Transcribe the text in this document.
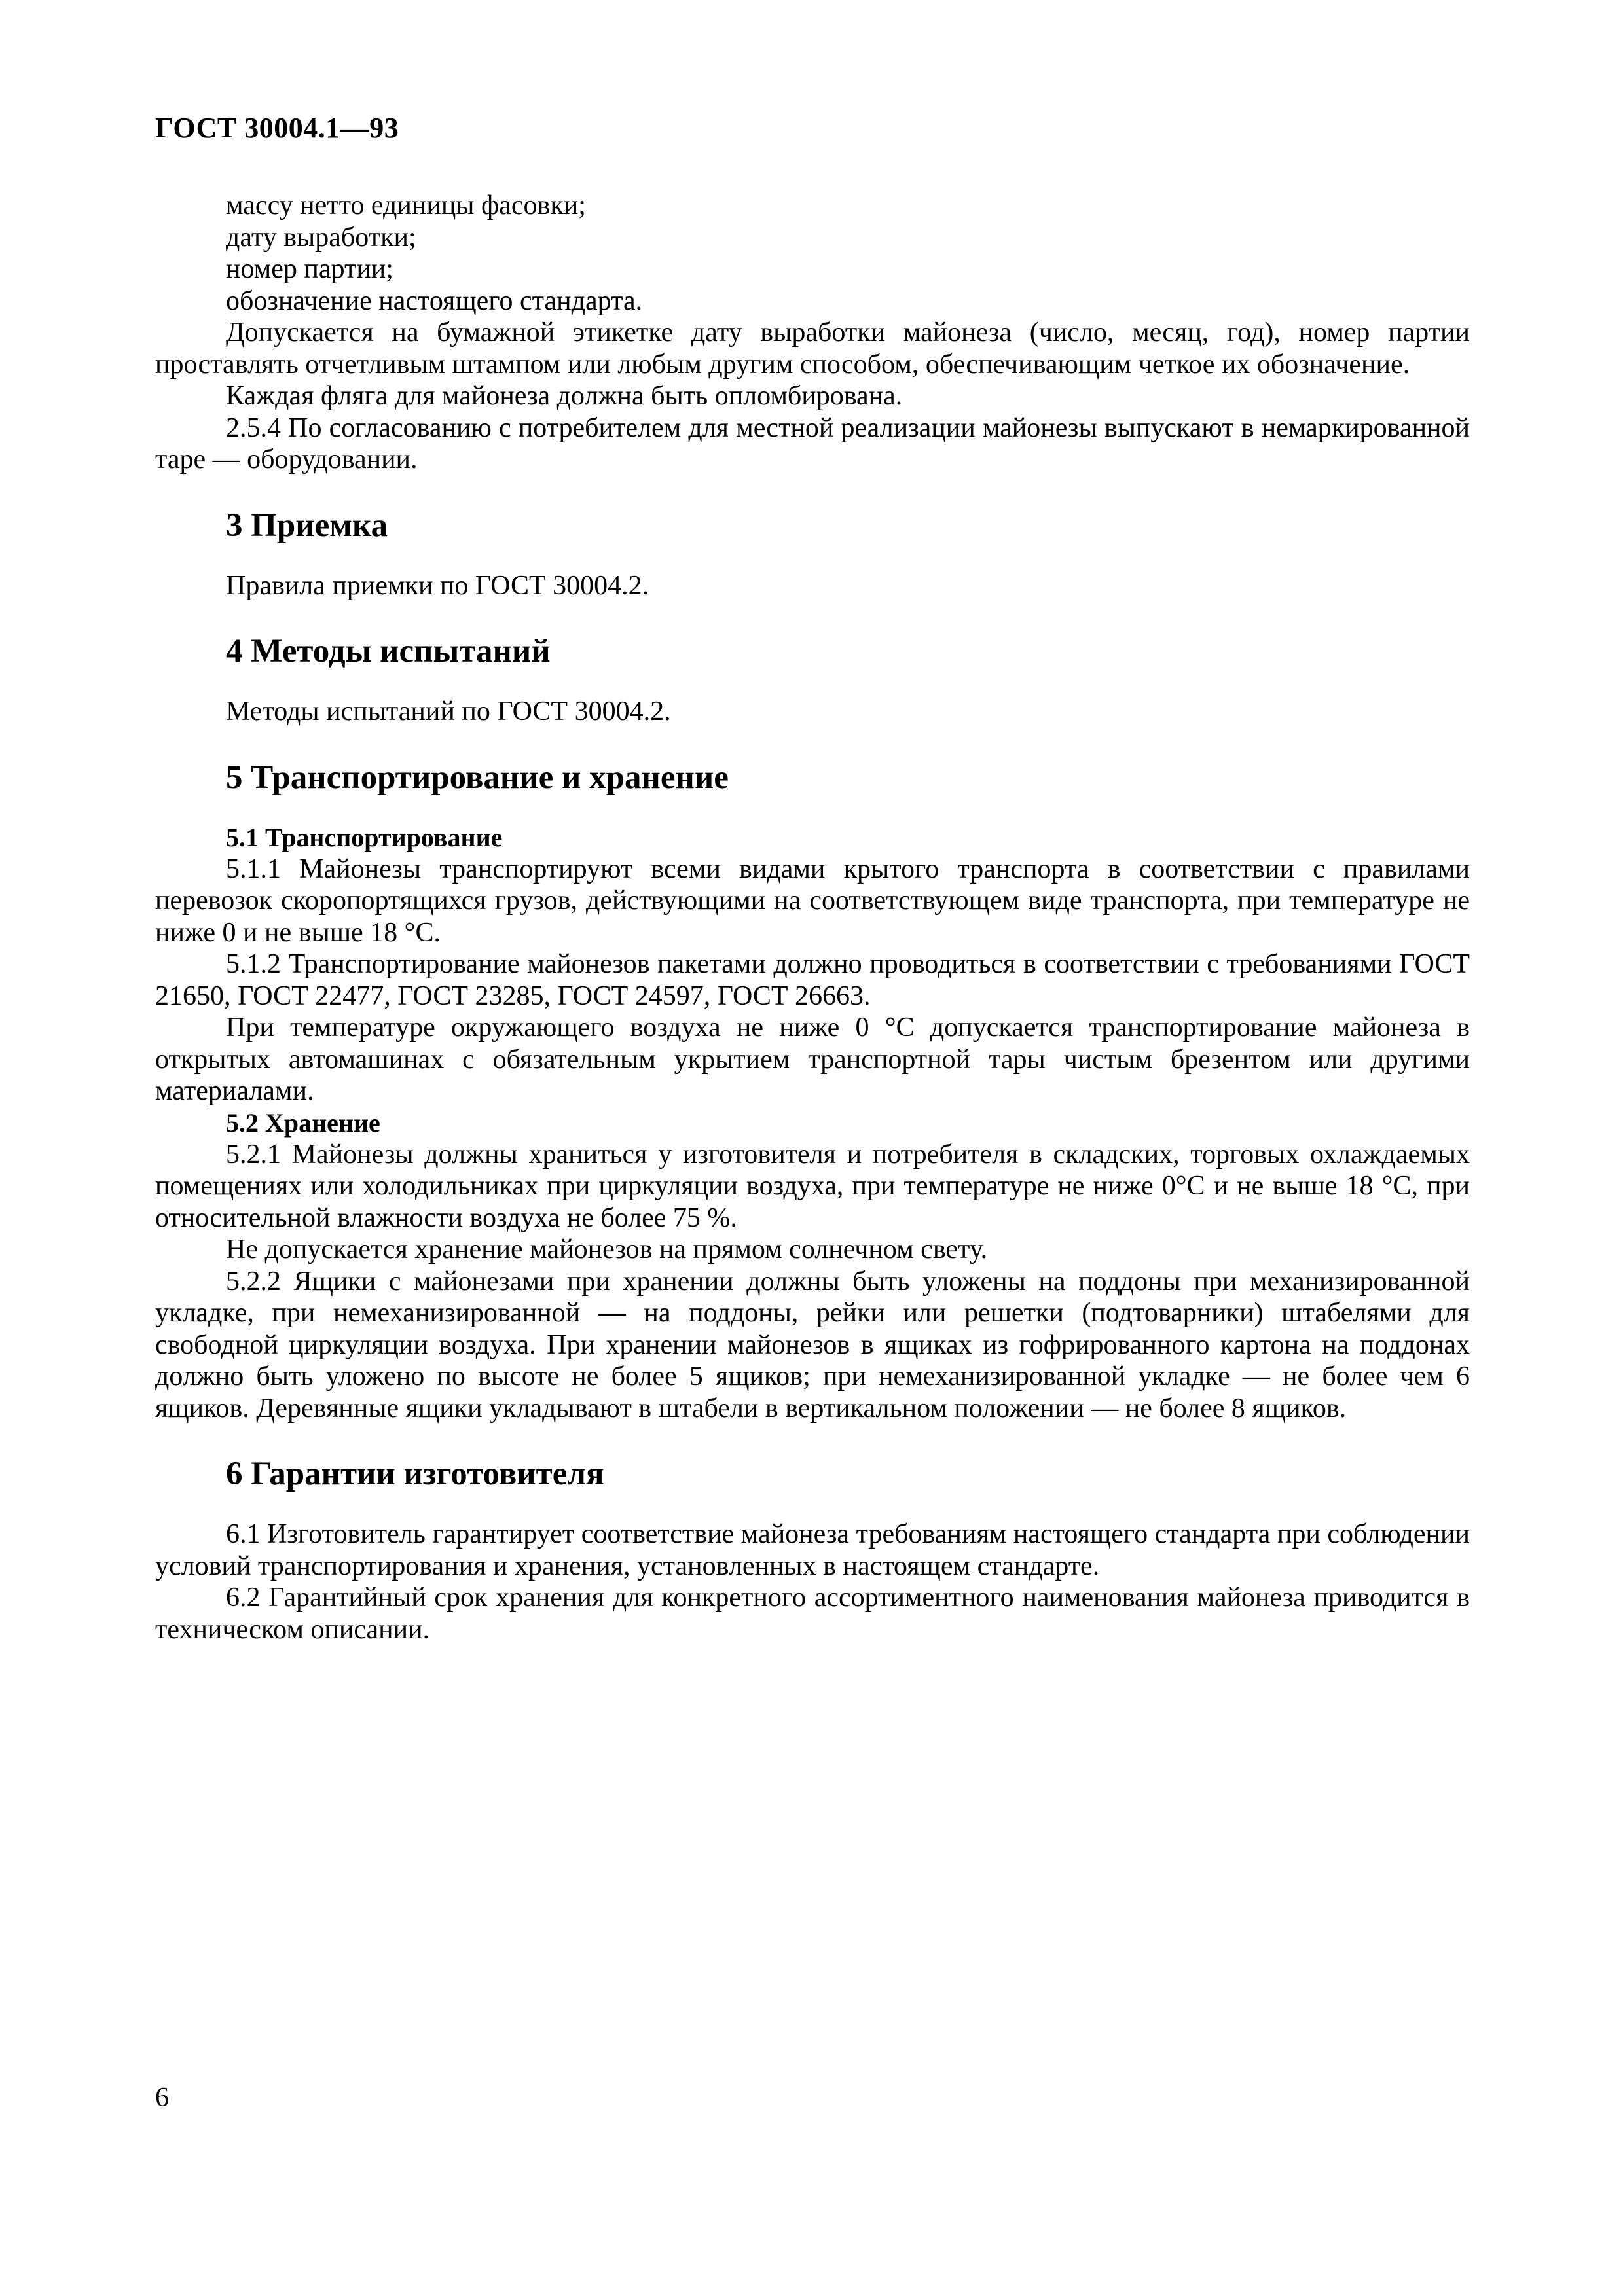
ГОСТ 30004.1—93

массу нетто единицы фасовки;

дату выработки;

номер партии;

обозначение настоящего стандарта.

Допускается на бумажной этикетке дату выработки майонеза (число, месяц, год), номер партии проставлять отчетливым штампом или любым другим способом, обеспечивающим четкое их обозначение.

Каждая фляга для майонеза должна быть опломбирована.

2.5.4 По согласованию с потребителем для местной реализации майонезы выпускают в немаркированной таре — оборудовании.

3 Приемка

Правила приемки по ГОСТ 30004.2.

4 Методы испытаний

Методы испытаний по ГОСТ 30004.2.

5 Транспортирование и хранение
5.1 Транспортирование

5.1.1 Майонезы транспортируют всеми видами крытого транспорта в соответствии с правилами перевозок скоропортящихся грузов, действующими на соответствующем виде транспорта, при температуре не ниже 0 и не выше 18 °С.

5.1.2 Транспортирование майонезов пакетами должно проводиться в соответствии с требованиями ГОСТ 21650, ГОСТ 22477, ГОСТ 23285, ГОСТ 24597, ГОСТ 26663.

При температуре окружающего воздуха не ниже 0 °С допускается транспортирование майонеза в открытых автомашинах с обязательным укрытием транспортной тары чистым брезентом или другими материалами.

5.2 Хранение

5.2.1 Майонезы должны храниться у изготовителя и потребителя в складских, торговых охлаждаемых помещениях или холодильниках при циркуляции воздуха, при температуре не ниже 0°С и не выше 18 °С, при относительной влажности воздуха не более 75 %.

Не допускается хранение майонезов на прямом солнечном свету.

5.2.2 Ящики с майонезами при хранении должны быть уложены на поддоны при механизированной укладке, при немеханизированной — на поддоны, рейки или решетки (подтоварники) штабелями для свободной циркуляции воздуха. При хранении майонезов в ящиках из гофрированного картона на поддонах должно быть уложено по высоте не более 5 ящиков; при немеханизированной укладке — не более чем 6 ящиков. Деревянные ящики укладывают в штабели в вертикальном положении — не более 8 ящиков.

6 Гарантии изготовителя

6.1 Изготовитель гарантирует соответствие майонеза требованиям настоящего стандарта при соблюдении условий транспортирования и хранения, установленных в настоящем стандарте.

6.2 Гарантийный срок хранения для конкретного ассортиментного наименования майонеза приводится в техническом описании.

6
